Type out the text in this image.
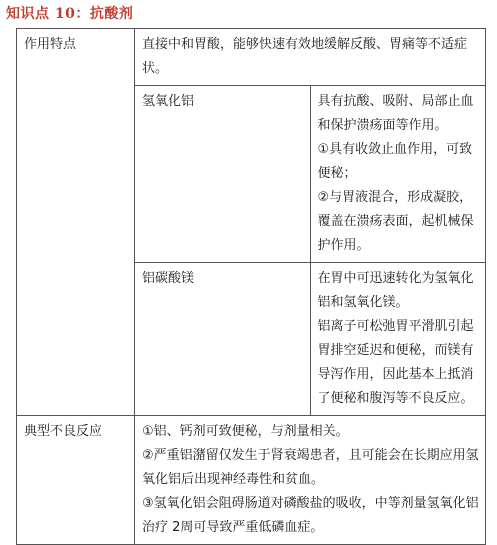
知识点 10：抗酸剂
作用特点	直接中和胃酸，能够快速有效地缓解反酸、胃痛等不适症状。	

	氢氧化铝	具有抗酸、吸附、局部止血和保护溃疡面等作用。
①具有收敛止血作用，可致便秘；
②与胃液混合，形成凝胶，覆盖在溃疡表面，起机械保护作用。

	铝碳酸镁	在胃中可迅速转化为氢氧化铝和氢氧化镁。
铝离子可松弛胃平滑肌引起胃排空延迟和便秘，而镁有导泻作用，因此基本上抵消了便秘和腹泻等不良反应。

典型不良反应	①铝、钙剂可致便秘，与剂量相关。
②严重铝潴留仅发生于肾衰竭患者，且可能会在长期应用氢氧化铝后出现神经毒性和贫血。
③氢氧化铝会阻碍肠道对磷酸盐的吸收，中等剂量氢氧化铝治疗 2周可导致严重低磷血症。	
